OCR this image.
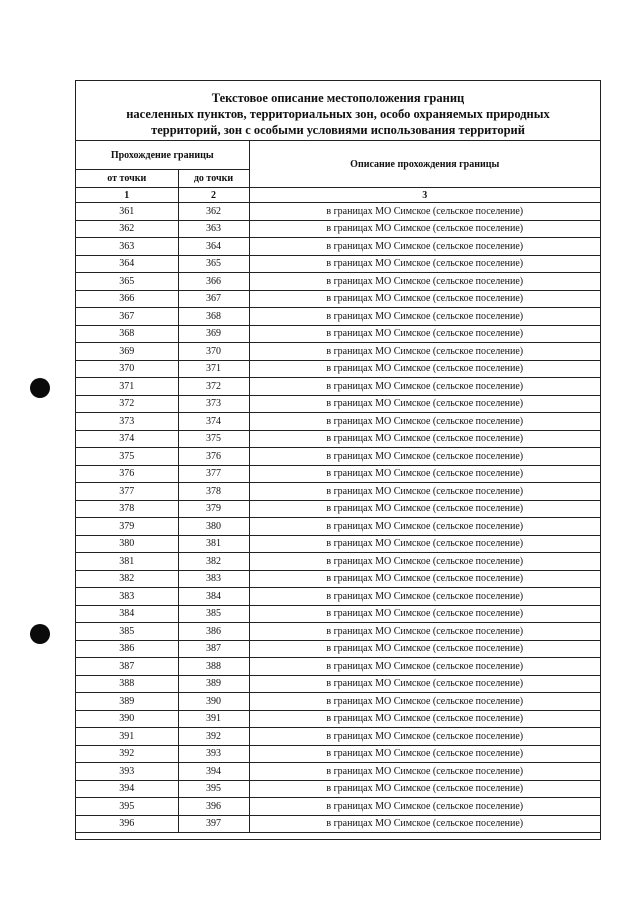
Текстовое описание местоположения границ
населенных пунктов, территориальных зон, особо охраняемых природных
территорий, зон с особыми условиями использования территорий
Прохождение границы		Описание прохождения границы
от точки	до точки	
1	2	3
361	362	в границах МО Симское (сельское поселение)
362	363	в границах МО Симское (сельское поселение)
363	364	в границах МО Симское (сельское поселение)
364	365	в границах МО Симское (сельское поселение)
365	366	в границах МО Симское (сельское поселение)
366	367	в границах МО Симское (сельское поселение)
367	368	в границах МО Симское (сельское поселение)
368	369	в границах МО Симское (сельское поселение)
369	370	в границах МО Симское (сельское поселение)
370	371	в границах МО Симское (сельское поселение)
371	372	в границах МО Симское (сельское поселение)
372	373	в границах МО Симское (сельское поселение)
373	374	в границах МО Симское (сельское поселение)
374	375	в границах МО Симское (сельское поселение)
375	376	в границах МО Симское (сельское поселение)
376	377	в границах МО Симское (сельское поселение)
377	378	в границах МО Симское (сельское поселение)
378	379	в границах МО Симское (сельское поселение)
379	380	в границах МО Симское (сельское поселение)
380	381	в границах МО Симское (сельское поселение)
381	382	в границах МО Симское (сельское поселение)
382	383	в границах МО Симское (сельское поселение)
383	384	в границах МО Симское (сельское поселение)
384	385	в границах МО Симское (сельское поселение)
385	386	в границах МО Симское (сельское поселение)
386	387	в границах МО Симское (сельское поселение)
387	388	в границах МО Симское (сельское поселение)
388	389	в границах МО Симское (сельское поселение)
389	390	в границах МО Симское (сельское поселение)
390	391	в границах МО Симское (сельское поселение)
391	392	в границах МО Симское (сельское поселение)
392	393	в границах МО Симское (сельское поселение)
393	394	в границах МО Симское (сельское поселение)
394	395	в границах МО Симское (сельское поселение)
395	396	в границах МО Симское (сельское поселение)
396	397	в границах МО Симское (сельское поселение)
